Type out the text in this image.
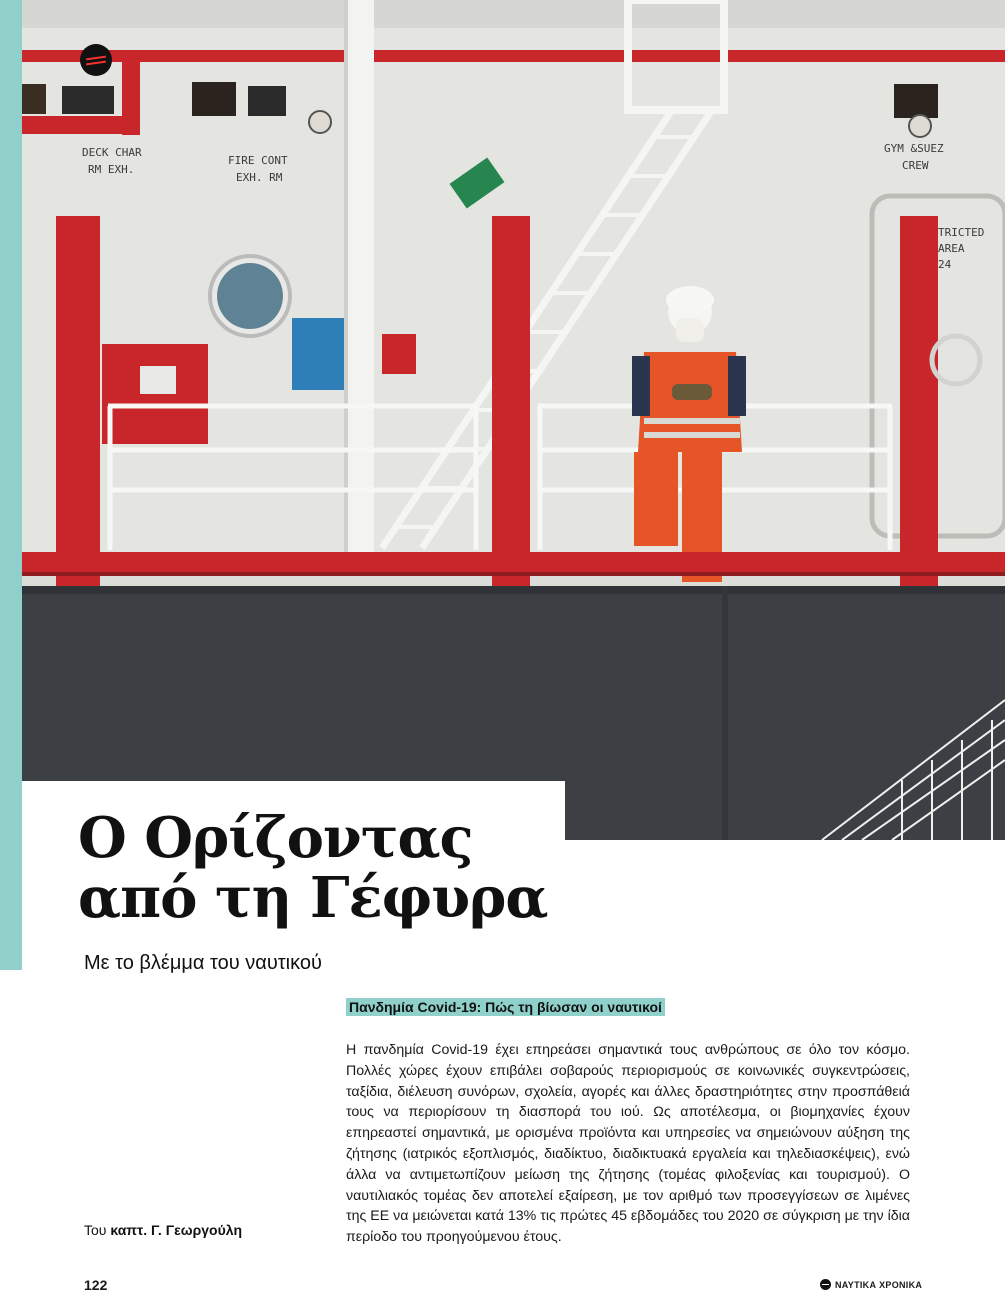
DECK CHAR
RM EXH.
FIRE CONT
EXH. RM
GYM &SUEZ
CREW
TRICTED
AREA
24
Ο Ορίζοντας
από τη Γέφυρα
Με το βλέμμα του ναυτικού
Πανδημία Covid-19: Πώς τη βίωσαν οι ναυτικοί

Η πανδημία Covid-19 έχει επηρεάσει σημαντικά τους ανθρώπους σε όλο τον κόσμο. Πολλές χώρες έχουν επιβάλει σοβαρούς περιορισμούς σε κοινωνικές συγκεντρώσεις, ταξίδια, διέλευση συνόρων, σχολεία, αγορές και άλλες δραστηριότητες στην προσπάθειά τους να περιορίσουν τη διασπορά του ιού. Ως αποτέλεσμα, οι βιομηχανίες έχουν επηρεαστεί σημαντικά, με ορισμένα προϊόντα και υπηρεσίες να σημειώνουν αύξηση της ζήτησης (ιατρικός εξοπλισμός, διαδίκτυο, διαδικτυακά εργαλεία και τηλεδιασκέψεις), ενώ άλλα να αντιμετωπίζουν μείωση της ζήτησης (τομέας φιλοξενίας και τουρισμού). Ο ναυτιλιακός τομέας δεν αποτελεί εξαίρεση, με τον αριθμό των προσεγγίσεων σε λιμένες της ΕΕ να μειώνεται κατά 13% τις πρώτες 45 εβδομάδες του 2020 σε σύγκριση με την ίδια περίοδο του προηγούμενου έτους.

Του καπτ. Γ. Γεωργούλη
122	ΝΑΥΤΙΚΑ ΧΡΟΝΙΚΑ
